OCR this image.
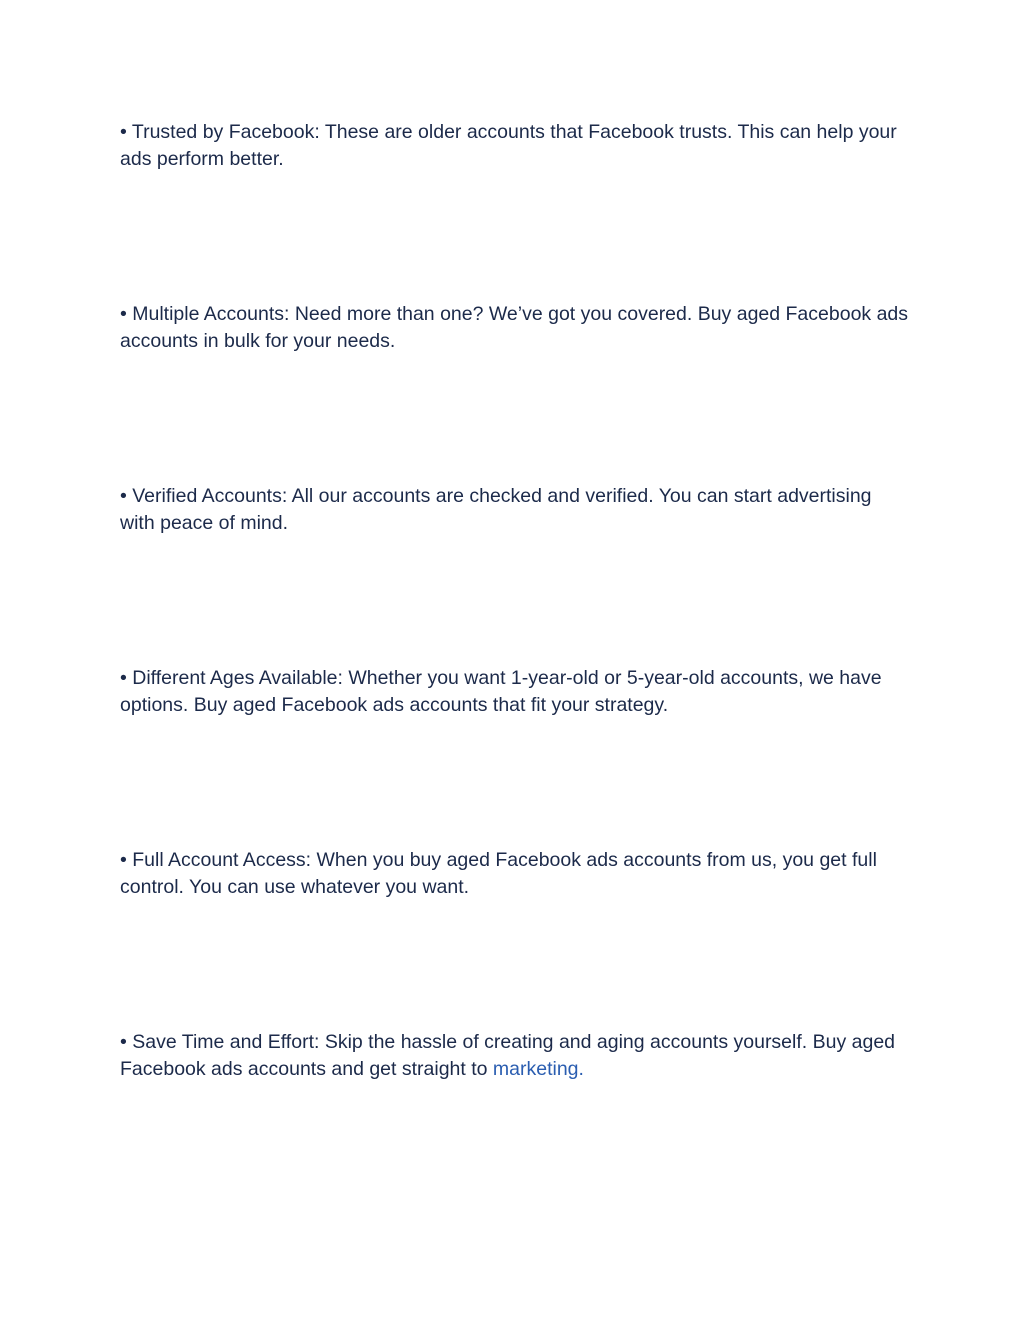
• Trusted by Facebook: These are older accounts that Facebook trusts. This can help your ads perform better.

• Multiple Accounts: Need more than one? We’ve got you covered. Buy aged Facebook ads accounts in bulk for your needs.

• Verified Accounts: All our accounts are checked and verified. You can start advertising with peace of mind.

• Different Ages Available: Whether you want 1-year-old or 5-year-old accounts, we have options. Buy aged Facebook ads accounts that fit your strategy.

• Full Account Access: When you buy aged Facebook ads accounts from us, you get full control. You can use whatever you want.

• Save Time and Effort: Skip the hassle of creating and aging accounts yourself. Buy aged Facebook ads accounts and get straight to marketing.
